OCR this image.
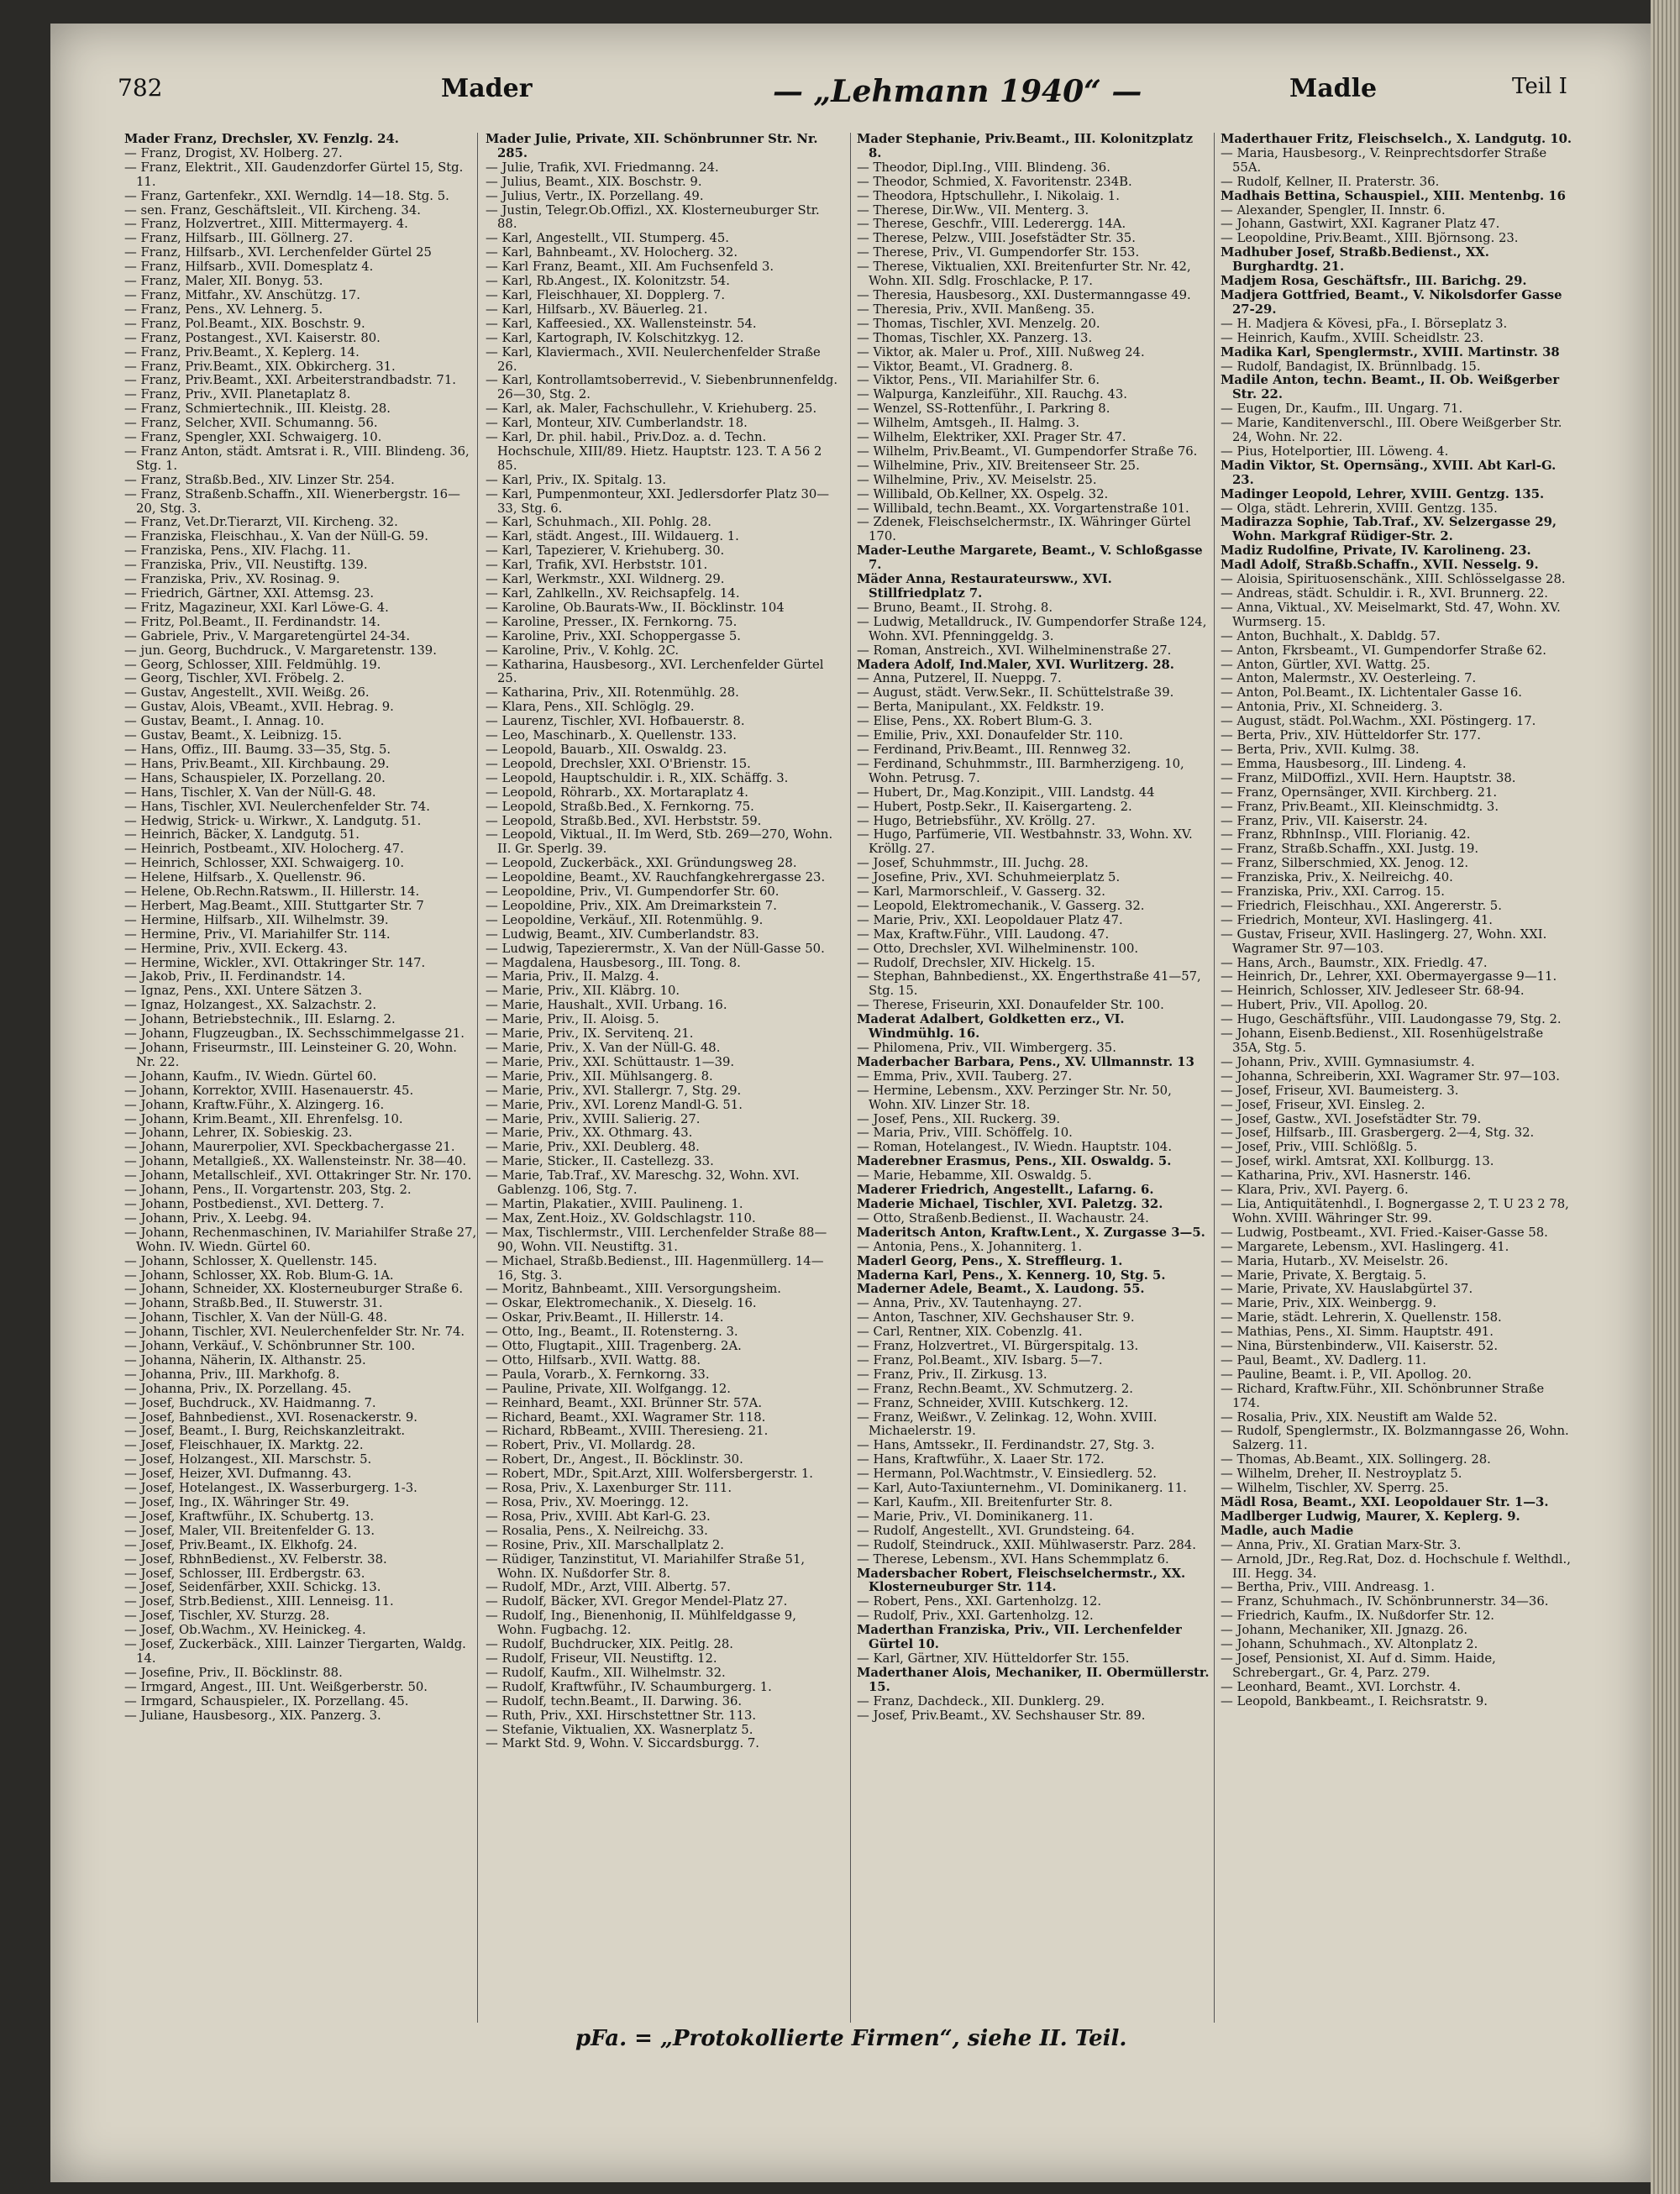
782	Mader	— „Lehmann 1940“ —	Madle	Teil I

Mader Franz, Drechsler, XV. Fenzlg. 24.

— Franz, Drogist, XV. Holberg. 27.

— Franz, Elektrit., XII. Gaudenzdorfer Gürtel 15, Stg. 11.

— Franz, Gartenfekr., XXI. Werndlg. 14—18. Stg. 5.

— sen. Franz, Geschäftsleit., VII. Kircheng. 34.

— Franz, Holzvertret., XIII. Mittermayerg. 4.

— Franz, Hilfsarb., III. Göllnerg. 27.

— Franz, Hilfsarb., XVI. Lerchenfelder Gürtel 25

— Franz, Hilfsarb., XVII. Domesplatz 4.

— Franz, Maler, XII. Bonyg. 53.

— Franz, Mitfahr., XV. Anschützg. 17.

— Franz, Pens., XV. Lehnerg. 5.

— Franz, Pol.Beamt., XIX. Boschstr. 9.

— Franz, Postangest., XVI. Kaiserstr. 80.

— Franz, Priv.Beamt., X. Keplerg. 14.

— Franz, Priv.Beamt., XIX. Obkircherg. 31.

— Franz, Priv.Beamt., XXI. Arbeiterstrandbadstr. 71.

— Franz, Priv., XVII. Planetaplatz 8.

— Franz, Schmiertechnik., III. Kleistg. 28.

— Franz, Selcher, XVII. Schumanng. 56.

— Franz, Spengler, XXI. Schwaigerg. 10.

— Franz Anton, städt. Amtsrat i. R., VIII. Blindeng. 36, Stg. 1.

— Franz, Straßb.Bed., XIV. Linzer Str. 254.

— Franz, Straßenb.Schaffn., XII. Wienerbergstr. 16—20, Stg. 3.

— Franz, Vet.Dr.Tierarzt, VII. Kircheng. 32.

— Franziska, Fleischhau., X. Van der Nüll-G. 59.

— Franziska, Pens., XIV. Flachg. 11.

— Franziska, Priv., VII. Neustiftg. 139.

— Franziska, Priv., XV. Rosinag. 9.

— Friedrich, Gärtner, XXI. Attemsg. 23.

— Fritz, Magazineur, XXI. Karl Löwe-G. 4.

— Fritz, Pol.Beamt., II. Ferdinandstr. 14.

— Gabriele, Priv., V. Margaretengürtel 24-34.

— jun. Georg, Buchdruck., V. Margaretenstr. 139.

— Georg, Schlosser, XIII. Feldmühlg. 19.

— Georg, Tischler, XVI. Fröbelg. 2.

— Gustav, Angestellt., XVII. Weißg. 26.

— Gustav, Alois, VBeamt., XVII. Hebrag. 9.

— Gustav, Beamt., I. Annag. 10.

— Gustav, Beamt., X. Leibnizg. 15.

— Hans, Offiz., III. Baumg. 33—35, Stg. 5.

— Hans, Priv.Beamt., XII. Kirchbaung. 29.

— Hans, Schauspieler, IX. Porzellang. 20.

— Hans, Tischler, X. Van der Nüll-G. 48.

— Hans, Tischler, XVI. Neulerchenfelder Str. 74.

— Hedwig, Strick- u. Wirkwr., X. Landgutg. 51.

— Heinrich, Bäcker, X. Landgutg. 51.

— Heinrich, Postbeamt., XIV. Holocherg. 47.

— Heinrich, Schlosser, XXI. Schwaigerg. 10.

— Helene, Hilfsarb., X. Quellenstr. 96.

— Helene, Ob.Rechn.Ratswm., II. Hillerstr. 14.

— Herbert, Mag.Beamt., XIII. Stuttgarter Str. 7

— Hermine, Hilfsarb., XII. Wilhelmstr. 39.

— Hermine, Priv., VI. Mariahilfer Str. 114.

— Hermine, Priv., XVII. Eckerg. 43.

— Hermine, Wickler., XVI. Ottakringer Str. 147.

— Jakob, Priv., II. Ferdinandstr. 14.

— Ignaz, Pens., XXI. Untere Sätzen 3.

— Ignaz, Holzangest., XX. Salzachstr. 2.

— Johann, Betriebstechnik., III. Eslarng. 2.

— Johann, Flugzeugban., IX. Sechsschimmelgasse 21.

— Johann, Friseurmstr., III. Leinsteiner G. 20, Wohn. Nr. 22.

— Johann, Kaufm., IV. Wiedn. Gürtel 60.

— Johann, Korrektor, XVIII. Hasenauerstr. 45.

— Johann, Kraftw.Führ., X. Alzingerg. 16.

— Johann, Krim.Beamt., XII. Ehrenfelsg. 10.

— Johann, Lehrer, IX. Sobieskig. 23.

— Johann, Maurerpolier, XVI. Speckbachergasse 21.

— Johann, Metallgieß., XX. Wallensteinstr. Nr. 38—40.

— Johann, Metallschleif., XVI. Ottakringer Str. Nr. 170.

— Johann, Pens., II. Vorgartenstr. 203, Stg. 2.

— Johann, Postbedienst., XVI. Detterg. 7.

— Johann, Priv., X. Leebg. 94.

— Johann, Rechenmaschinen, IV. Mariahilfer Straße 27, Wohn. IV. Wiedn. Gürtel 60.

— Johann, Schlosser, X. Quellenstr. 145.

— Johann, Schlosser, XX. Rob. Blum-G. 1A.

— Johann, Schneider, XX. Klosterneuburger Straße 6.

— Johann, Straßb.Bed., II. Stuwerstr. 31.

— Johann, Tischler, X. Van der Nüll-G. 48.

— Johann, Tischler, XVI. Neulerchenfelder Str. Nr. 74.

— Johann, Verkäuf., V. Schönbrunner Str. 100.

— Johanna, Näherin, IX. Althanstr. 25.

— Johanna, Priv., III. Markhofg. 8.

— Johanna, Priv., IX. Porzellang. 45.

— Josef, Buchdruck., XV. Haidmanng. 7.

— Josef, Bahnbedienst., XVI. Rosenackerstr. 9.

— Josef, Beamt., I. Burg, Reichskanzleitrakt.

— Josef, Fleischhauer, IX. Marktg. 22.

— Josef, Holzangest., XII. Marschstr. 5.

— Josef, Heizer, XVI. Dufmanng. 43.

— Josef, Hotelangest., IX. Wasserburgerg. 1-3.

— Josef, Ing., IX. Währinger Str. 49.

— Josef, Kraftwführ., IX. Schubertg. 13.

— Josef, Maler, VII. Breitenfelder G. 13.

— Josef, Priv.Beamt., IX. Elkhofg. 24.

— Josef, RbhnBedienst., XV. Felberstr. 38.

— Josef, Schlosser, III. Erdbergstr. 63.

— Josef, Seidenfärber, XXII. Schickg. 13.

— Josef, Strb.Bedienst., XIII. Lenneisg. 11.

— Josef, Tischler, XV. Sturzg. 28.

— Josef, Ob.Wachm., XV. Heinickeg. 4.

— Josef, Zuckerbäck., XIII. Lainzer Tiergarten, Waldg. 14.

— Josefine, Priv., II. Böcklinstr. 88.

— Irmgard, Angest., III. Unt. Weißgerberstr. 50.

— Irmgard, Schauspieler., IX. Porzellang. 45.

— Juliane, Hausbesorg., XIX. Panzerg. 3.

Mader Julie, Private, XII. Schönbrunner Str. Nr. 285.

— Julie, Trafik, XVI. Friedmanng. 24.

— Julius, Beamt., XIX. Boschstr. 9.

— Julius, Vertr., IX. Porzellang. 49.

— Justin, Telegr.Ob.Offizl., XX. Klosterneuburger Str. 88.

— Karl, Angestellt., VII. Stumperg. 45.

— Karl, Bahnbeamt., XV. Holocherg. 32.

— Karl Franz, Beamt., XII. Am Fuchsenfeld 3.

— Karl, Rb.Angest., IX. Kolonitzstr. 54.

— Karl, Fleischhauer, XI. Dopplerg. 7.

— Karl, Hilfsarb., XV. Bäuerleg. 21.

— Karl, Kaffeesied., XX. Wallensteinstr. 54.

— Karl, Kartograph, IV. Kolschitzkyg. 12.

— Karl, Klaviermach., XVII. Neulerchenfelder Straße 26.

— Karl, Kontrollamtsoberrevid., V. Siebenbrunnenfeldg. 26—30, Stg. 2.

— Karl, ak. Maler, Fachschullehr., V. Kriehuberg. 25.

— Karl, Monteur, XIV. Cumberlandstr. 18.

— Karl, Dr. phil. habil., Priv.Doz. a. d. Techn. Hochschule, XIII/89. Hietz. Hauptstr. 123. T. A 56 2 85.

— Karl, Priv., IX. Spitalg. 13.

— Karl, Pumpenmonteur, XXI. Jedlersdorfer Platz 30—33, Stg. 6.

— Karl, Schuhmach., XII. Pohlg. 28.

— Karl, städt. Angest., III. Wildauerg. 1.

— Karl, Tapezierer, V. Kriehuberg. 30.

— Karl, Trafik, XVI. Herbststr. 101.

— Karl, Werkmstr., XXI. Wildnerg. 29.

— Karl, Zahlkelln., XV. Reichsapfelg. 14.

— Karoline, Ob.Baurats-Ww., II. Böcklinstr. 104

— Karoline, Presser., IX. Fernkorng. 75.

— Karoline, Priv., XXI. Schoppergasse 5.

— Karoline, Priv., V. Kohlg. 2C.

— Katharina, Hausbesorg., XVI. Lerchenfelder Gürtel 25.

— Katharina, Priv., XII. Rotenmühlg. 28.

— Klara, Pens., XII. Schlöglg. 29.

— Laurenz, Tischler, XVI. Hofbauerstr. 8.

— Leo, Maschinarb., X. Quellenstr. 133.

— Leopold, Bauarb., XII. Oswaldg. 23.

— Leopold, Drechsler, XXI. O'Brienstr. 15.

— Leopold, Hauptschuldir. i. R., XIX. Schäffg. 3.

— Leopold, Röhrarb., XX. Mortaraplatz 4.

— Leopold, Straßb.Bed., X. Fernkorng. 75.

— Leopold, Straßb.Bed., XVI. Herbststr. 59.

— Leopold, Viktual., II. Im Werd, Stb. 269—270, Wohn. II. Gr. Sperlg. 39.

— Leopold, Zuckerbäck., XXI. Gründungsweg 28.

— Leopoldine, Beamt., XV. Rauchfangkehrergasse 23.

— Leopoldine, Priv., VI. Gumpendorfer Str. 60.

— Leopoldine, Priv., XIX. Am Dreimarkstein 7.

— Leopoldine, Verkäuf., XII. Rotenmühlg. 9.

— Ludwig, Beamt., XIV. Cumberlandstr. 83.

— Ludwig, Tapezierermstr., X. Van der Nüll-Gasse 50.

— Magdalena, Hausbesorg., III. Tong. 8.

— Maria, Priv., II. Malzg. 4.

— Marie, Priv., XII. Kläbrg. 10.

— Marie, Haushalt., XVII. Urbang. 16.

— Marie, Priv., II. Aloisg. 5.

— Marie, Priv., IX. Servitenq. 21.

— Marie, Priv., X. Van der Nüll-G. 48.

— Marie, Priv., XXI. Schüttaustr. 1—39.

— Marie, Priv., XII. Mühlsangerg. 8.

— Marie, Priv., XVI. Stallergr. 7, Stg. 29.

— Marie, Priv., XVI. Lorenz Mandl-G. 51.

— Marie, Priv., XVIII. Salierig. 27.

— Marie, Priv., XX. Othmarg. 43.

— Marie, Priv., XXI. Deublerg. 48.

— Marie, Sticker., II. Castellezg. 33.

— Marie, Tab.Traf., XV. Mareschg. 32, Wohn. XVI. Gablenzg. 106, Stg. 7.

— Martin, Plakatier., XVIII. Paulineng. 1.

— Max, Zent.Hoiz., XV. Goldschlagstr. 110.

— Max, Tischlermstr., VIII. Lerchenfelder Straße 88—90, Wohn. VII. Neustiftg. 31.

— Michael, Straßb.Bedienst., III. Hagenmüllerg. 14—16, Stg. 3.

— Moritz, Bahnbeamt., XIII. Versorgungsheim.

— Oskar, Elektromechanik., X. Dieselg. 16.

— Oskar, Priv.Beamt., II. Hillerstr. 14.

— Otto, Ing., Beamt., II. Rotensterng. 3.

— Otto, Flugtapit., XIII. Tragenberg. 2A.

— Otto, Hilfsarb., XVII. Wattg. 88.

— Paula, Vorarb., X. Fernkorng. 33.

— Pauline, Private, XII. Wolfgangg. 12.

— Reinhard, Beamt., XXI. Brünner Str. 57A.

— Richard, Beamt., XXI. Wagramer Str. 118.

— Richard, RbBeamt., XVIII. Theresieng. 21.

— Robert, Priv., VI. Mollardg. 28.

— Robert, Dr., Angest., II. Böcklinstr. 30.

— Robert, MDr., Spit.Arzt, XIII. Wolfersbergerstr. 1.

— Rosa, Priv., X. Laxenburger Str. 111.

— Rosa, Priv., XV. Moeringg. 12.

— Rosa, Priv., XVIII. Abt Karl-G. 23.

— Rosalia, Pens., X. Neilreichg. 33.

— Rosine, Priv., XII. Marschallplatz 2.

— Rüdiger, Tanzinstitut, VI. Mariahilfer Straße 51, Wohn. IX. Nußdorfer Str. 8.

— Rudolf, MDr., Arzt, VIII. Albertg. 57.

— Rudolf, Bäcker, XVI. Gregor Mendel-Platz 27.

— Rudolf, Ing., Bienenhonig, II. Mühlfeldgasse 9, Wohn. Fugbachg. 12.

— Rudolf, Buchdrucker, XIX. Peitlg. 28.

— Rudolf, Friseur, VII. Neustiftg. 12.

— Rudolf, Kaufm., XII. Wilhelmstr. 32.

— Rudolf, Kraftwführ., IV. Schaumburgerg. 1.

— Rudolf, techn.Beamt., II. Darwing. 36.

— Ruth, Priv., XXI. Hirschstettner Str. 113.

— Stefanie, Viktualien, XX. Wasnerplatz 5.

— Markt Std. 9, Wohn. V. Siccardsburgg. 7.

Mader Stephanie, Priv.Beamt., III. Kolonitzplatz 8.

— Theodor, Dipl.Ing., VIII. Blindeng. 36.

— Theodor, Schmied, X. Favoritenstr. 234B.

— Theodora, Hptschullehr., I. Nikolaig. 1.

— Therese, Dir.Ww., VII. Menterg. 3.

— Therese, Geschfr., VIII. Lederergg. 14A.

— Therese, Pelzw., VIII. Josefstädter Str. 35.

— Therese, Priv., VI. Gumpendorfer Str. 153.

— Therese, Viktualien, XXI. Breitenfurter Str. Nr. 42, Wohn. XII. Sdlg. Froschlacke, P. 17.

— Theresia, Hausbesorg., XXI. Dustermanngasse 49.

— Theresia, Priv., XVII. Manßeng. 35.

— Thomas, Tischler, XVI. Menzelg. 20.

— Thomas, Tischler, XX. Panzerg. 13.

— Viktor, ak. Maler u. Prof., XIII. Nußweg 24.

— Viktor, Beamt., VI. Gradnerg. 8.

— Viktor, Pens., VII. Mariahilfer Str. 6.

— Walpurga, Kanzleiführ., XII. Rauchg. 43.

— Wenzel, SS-Rottenführ., I. Parkring 8.

— Wilhelm, Amtsgeh., II. Halmg. 3.

— Wilhelm, Elektriker, XXI. Prager Str. 47.

— Wilhelm, Priv.Beamt., VI. Gumpendorfer Straße 76.

— Wilhelmine, Priv., XIV. Breitenseer Str. 25.

— Wilhelmine, Priv., XV. Meiselstr. 25.

— Willibald, Ob.Kellner, XX. Ospelg. 32.

— Willibald, techn.Beamt., XX. Vorgartenstraße 101.

— Zdenek, Fleischselchermstr., IX. Währinger Gürtel 170.

Mader-Leuthe Margarete, Beamt., V. Schloßgasse 7.

Mäder Anna, Restaurateursww., XVI. Stillfriedplatz 7.

— Bruno, Beamt., II. Strohg. 8.

— Ludwig, Metalldruck., IV. Gumpendorfer Straße 124, Wohn. XVI. Pfenninggeldg. 3.

— Roman, Anstreich., XVI. Wilhelminenstraße 27.

Madera Adolf, Ind.Maler, XVI. Wurlitzerg. 28.

— Anna, Putzerel, II. Nueppg. 7.

— August, städt. Verw.Sekr., II. Schüttelstraße 39.

— Berta, Manipulant., XX. Feldkstr. 19.

— Elise, Pens., XX. Robert Blum-G. 3.

— Emilie, Priv., XXI. Donaufelder Str. 110.

— Ferdinand, Priv.Beamt., III. Rennweg 32.

— Ferdinand, Schuhmmstr., III. Barmherzigeng. 10, Wohn. Petrusg. 7.

— Hubert, Dr., Mag.Konzipit., VIII. Landstg. 44

— Hubert, Postp.Sekr., II. Kaisergarteng. 2.

— Hugo, Betriebsführ., XV. Kröllg. 27.

— Hugo, Parfümerie, VII. Westbahnstr. 33, Wohn. XV. Kröllg. 27.

— Josef, Schuhmmstr., III. Juchg. 28.

— Josefine, Priv., XVI. Schuhmeierplatz 5.

— Karl, Marmorschleif., V. Gasserg. 32.

— Leopold, Elektromechanik., V. Gasserg. 32.

— Marie, Priv., XXI. Leopoldauer Platz 47.

— Max, Kraftw.Führ., VIII. Laudong. 47.

— Otto, Drechsler, XVI. Wilhelminenstr. 100.

— Rudolf, Drechsler, XIV. Hickelg. 15.

— Stephan, Bahnbedienst., XX. Engerthstraße 41—57, Stg. 15.

— Therese, Friseurin, XXI. Donaufelder Str. 100.

Maderat Adalbert, Goldketten erz., VI. Windmühlg. 16.

— Philomena, Priv., VII. Wimbergerg. 35.

Maderbacher Barbara, Pens., XV. Ullmannstr. 13

— Emma, Priv., XVII. Tauberg. 27.

— Hermine, Lebensm., XXV. Perzinger Str. Nr. 50, Wohn. XIV. Linzer Str. 18.

— Josef, Pens., XII. Ruckerg. 39.

— Maria, Priv., VIII. Schöffelg. 10.

— Roman, Hotelangest., IV. Wiedn. Hauptstr. 104.

Maderebner Erasmus, Pens., XII. Oswaldg. 5.

— Marie, Hebamme, XII. Oswaldg. 5.

Maderer Friedrich, Angestellt., Lafarng. 6.

Maderie Michael, Tischler, XVI. Paletzg. 32.

— Otto, Straßenb.Bedienst., II. Wachaustr. 24.

Maderitsch Anton, Kraftw.Lent., X. Zurgasse 3—5.

— Antonia, Pens., X. Johanniterg. 1.

Maderl Georg, Pens., X. Streffleurg. 1.

Maderna Karl, Pens., X. Kennerg. 10, Stg. 5.

Maderner Adele, Beamt., X. Laudong. 55.

— Anna, Priv., XV. Tautenhayng. 27.

— Anton, Taschner, XIV. Gechshauser Str. 9.

— Carl, Rentner, XIX. Cobenzlg. 41.

— Franz, Holzvertret., VI. Bürgerspitalg. 13.

— Franz, Pol.Beamt., XIV. Isbarg. 5—7.

— Franz, Priv., II. Zirkusg. 13.

— Franz, Rechn.Beamt., XV. Schmutzerg. 2.

— Franz, Schneider, XVIII. Kutschkerg. 12.

— Franz, Weißwr., V. Zelinkag. 12, Wohn. XVIII. Michaelerstr. 19.

— Hans, Amtssekr., II. Ferdinandstr. 27, Stg. 3.

— Hans, Kraftwführ., X. Laaer Str. 172.

— Hermann, Pol.Wachtmstr., V. Einsiedlerg. 52.

— Karl, Auto-Taxiunternehm., VI. Dominikanerg. 11.

— Karl, Kaufm., XII. Breitenfurter Str. 8.

— Marie, Priv., VI. Dominikanerg. 11.

— Rudolf, Angestellt., XVI. Grundsteing. 64.

— Rudolf, Steindruck., XXII. Mühlwaserstr. Parz. 284.

— Therese, Lebensm., XVI. Hans Schemmplatz 6.

Madersbacher Robert, Fleischselchermstr., XX. Klosterneuburger Str. 114.

— Robert, Pens., XXI. Gartenholzg. 12.

— Rudolf, Priv., XXI. Gartenholzg. 12.

Maderthan Franziska, Priv., VII. Lerchenfelder Gürtel 10.

— Karl, Gärtner, XIV. Hütteldorfer Str. 155.

Maderthaner Alois, Mechaniker, II. Obermüllerstr. 15.

— Franz, Dachdeck., XII. Dunklerg. 29.

— Josef, Priv.Beamt., XV. Sechshauser Str. 89.

Maderthauer Fritz, Fleischselch., X. Landgutg. 10.

— Maria, Hausbesorg., V. Reinprechtsdorfer Straße 55A.

— Rudolf, Kellner, II. Praterstr. 36.

Madhais Bettina, Schauspiel., XIII. Mentenbg. 16

— Alexander, Spengler, II. Innstr. 6.

— Johann, Gastwirt, XXI. Kagraner Platz 47.

— Leopoldine, Priv.Beamt., XIII. Björnsong. 23.

Madhuber Josef, Straßb.Bedienst., XX. Burghardtg. 21.

Madjem Rosa, Geschäftsfr., III. Barichg. 29.

Madjera Gottfried, Beamt., V. Nikolsdorfer Gasse 27-29.

— H. Madjera & Kövesi, pFa., I. Börseplatz 3.

— Heinrich, Kaufm., XVIII. Scheidlstr. 23.

Madika Karl, Spenglermstr., XVIII. Martinstr. 38

— Rudolf, Bandagist, IX. Brünnlbadg. 15.

Madile Anton, techn. Beamt., II. Ob. Weißgerber Str. 22.

— Eugen, Dr., Kaufm., III. Ungarg. 71.

— Marie, Kanditenverschl., III. Obere Weißgerber Str. 24, Wohn. Nr. 22.

— Pius, Hotelportier, III. Löweng. 4.

Madin Viktor, St. Opernsäng., XVIII. Abt Karl-G. 23.

Madinger Leopold, Lehrer, XVIII. Gentzg. 135.

— Olga, städt. Lehrerin, XVIII. Gentzg. 135.

Madirazza Sophie, Tab.Traf., XV. Selzergasse 29, Wohn. Markgraf Rüdiger-Str. 2.

Madiz Rudolfine, Private, IV. Karolineng. 23.

Madl Adolf, Straßb.Schaffn., XVII. Nesselg. 9.

— Aloisia, Spirituosenschänk., XIII. Schlösselgasse 28.

— Andreas, städt. Schuldir. i. R., XVI. Brunnerg. 22.

— Anna, Viktual., XV. Meiselmarkt, Std. 47, Wohn. XV. Wurmserg. 15.

— Anton, Buchhalt., X. Dabldg. 57.

— Anton, Fkrsbeamt., VI. Gumpendorfer Straße 62.

— Anton, Gürtler, XVI. Wattg. 25.

— Anton, Malermstr., XV. Oesterleing. 7.

— Anton, Pol.Beamt., IX. Lichtentaler Gasse 16.

— Antonia, Priv., XI. Schneiderg. 3.

— August, städt. Pol.Wachm., XXI. Pöstingerg. 17.

— Berta, Priv., XIV. Hütteldorfer Str. 177.

— Berta, Priv., XVII. Kulmg. 38.

— Emma, Hausbesorg., III. Lindeng. 4.

— Franz, MilDOffizl., XVII. Hern. Hauptstr. 38.

— Franz, Opernsänger, XVII. Kirchberg. 21.

— Franz, Priv.Beamt., XII. Kleinschmidtg. 3.

— Franz, Priv., VII. Kaiserstr. 24.

— Franz, RbhnInsp., VIII. Florianig. 42.

— Franz, Straßb.Schaffn., XXI. Justg. 19.

— Franz, Silberschmied, XX. Jenog. 12.

— Franziska, Priv., X. Neilreichg. 40.

— Franziska, Priv., XXI. Carrog. 15.

— Friedrich, Fleischhau., XXI. Angererstr. 5.

— Friedrich, Monteur, XVI. Haslingerg. 41.

— Gustav, Friseur, XVII. Haslingerg. 27, Wohn. XXI. Wagramer Str. 97—103.

— Hans, Arch., Baumstr., XIX. Friedlg. 47.

— Heinrich, Dr., Lehrer, XXI. Obermayergasse 9—11.

— Heinrich, Schlosser, XIV. Jedleseer Str. 68-94.

— Hubert, Priv., VII. Apollog. 20.

— Hugo, Geschäftsführ., VIII. Laudongasse 79, Stg. 2.

— Johann, Eisenb.Bedienst., XII. Rosenhügelstraße 35A, Stg. 5.

— Johann, Priv., XVIII. Gymnasiumstr. 4.

— Johanna, Schreiberin, XXI. Wagramer Str. 97—103.

— Josef, Friseur, XVI. Baumeisterg. 3.

— Josef, Friseur, XVI. Einsleg. 2.

— Josef, Gastw., XVI. Josefstädter Str. 79.

— Josef, Hilfsarb., III. Grasbergerg. 2—4, Stg. 32.

— Josef, Priv., VIII. Schlößlg. 5.

— Josef, wirkl. Amtsrat, XXI. Kollburgg. 13.

— Katharina, Priv., XVI. Hasnerstr. 146.

— Klara, Priv., XVI. Payerg. 6.

— Lia, Antiquitätenhdl., I. Bognergasse 2, T. U 23 2 78, Wohn. XVIII. Währinger Str. 99.

— Ludwig, Postbeamt., XVI. Fried.-Kaiser-Gasse 58.

— Margarete, Lebensm., XVI. Haslingerg. 41.

— Maria, Hutarb., XV. Meiselstr. 26.

— Marie, Private, X. Bergtaig. 5.

— Marie, Private, XV. Hauslabgürtel 37.

— Marie, Priv., XIX. Weinbergg. 9.

— Marie, städt. Lehrerin, X. Quellenstr. 158.

— Mathias, Pens., XI. Simm. Hauptstr. 491.

— Nina, Bürstenbinderw., VII. Kaiserstr. 52.

— Paul, Beamt., XV. Dadlerg. 11.

— Pauline, Beamt. i. P., VII. Apollog. 20.

— Richard, Kraftw.Führ., XII. Schönbrunner Straße 174.

— Rosalia, Priv., XIX. Neustift am Walde 52.

— Rudolf, Spenglermstr., IX. Bolzmanngasse 26, Wohn. Salzerg. 11.

— Thomas, Ab.Beamt., XIX. Sollingerg. 28.

— Wilhelm, Dreher, II. Nestroyplatz 5.

— Wilhelm, Tischler, XV. Sperrg. 25.

Mädl Rosa, Beamt., XXI. Leopoldauer Str. 1—3.

Madlberger Ludwig, Maurer, X. Keplerg. 9.

Madle, auch Madie

— Anna, Priv., XI. Gratian Marx-Str. 3.

— Arnold, JDr., Reg.Rat, Doz. d. Hochschule f. Welthdl., III. Hegg. 34.

— Bertha, Priv., VIII. Andreasg. 1.

— Franz, Schuhmach., IV. Schönbrunnerstr. 34—36.

— Friedrich, Kaufm., IX. Nußdorfer Str. 12.

— Johann, Mechaniker, XII. Jgnazg. 26.

— Johann, Schuhmach., XV. Altonplatz 2.

— Josef, Pensionist, XI. Auf d. Simm. Haide, Schrebergart., Gr. 4, Parz. 279.

— Leonhard, Beamt., XVI. Lorchstr. 4.

— Leopold, Bankbeamt., I. Reichsratstr. 9.

pFa. = „Protokollierte Firmen“, siehe II. Teil.
